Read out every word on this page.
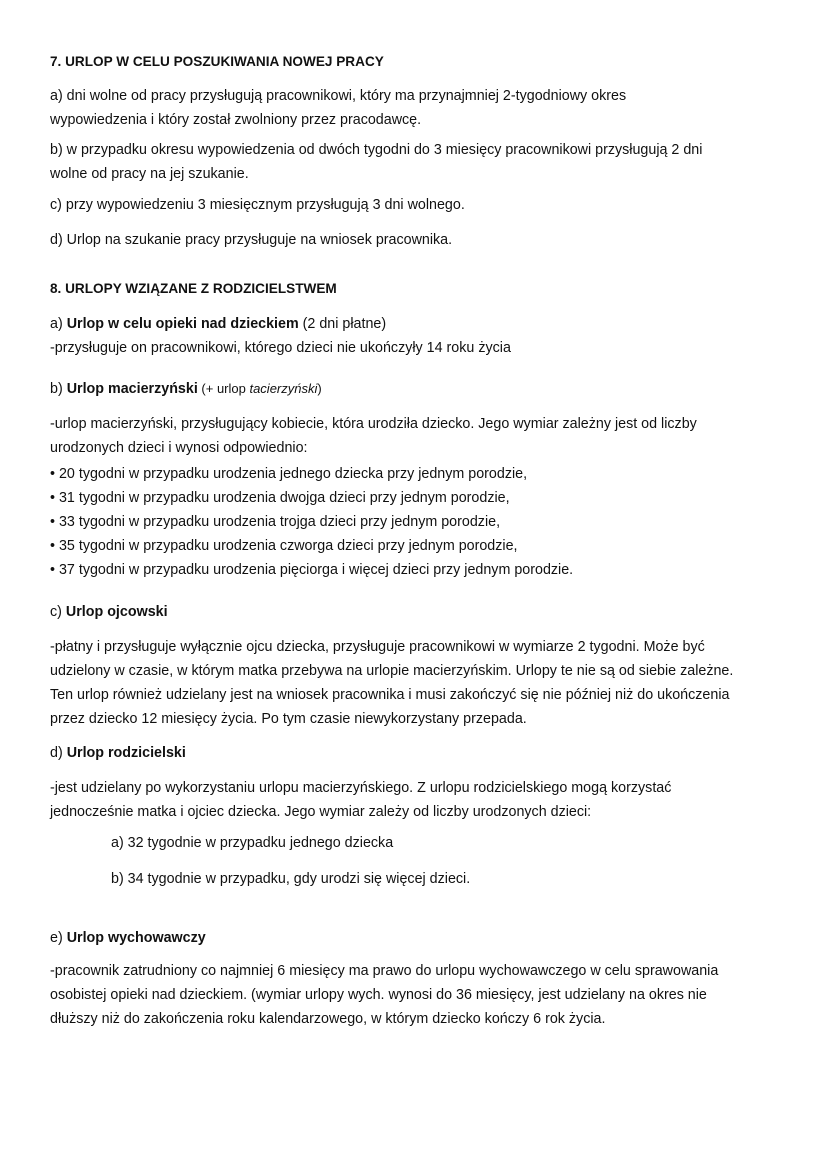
7. URLOP W CELU POSZUKIWANIA NOWEJ PRACY
a) dni wolne od pracy przysługują pracownikowi, który ma przynajmniej 2-tygodniowy okres
wypowiedzenia i który został zwolniony przez pracodawcę.
b) w przypadku okresu wypowiedzenia od dwóch tygodni do 3 miesięcy pracownikowi przysługują 2 dni
wolne od pracy na jej szukanie.
c) przy wypowiedzeniu 3 miesięcznym przysługują 3 dni wolnego.
d) Urlop na szukanie pracy przysługuje na wniosek pracownika.
8. URLOPY WZIĄZANE Z RODZICIELSTWEM
a) Urlop w celu opieki nad dzieckiem (2 dni płatne)
-przysługuje on pracownikowi, którego dzieci nie ukończyły 14 roku życia
b) Urlop macierzyński (+ urlop tacierzyński)
-urlop macierzyński, przysługujący kobiecie, która urodziła dziecko. Jego wymiar zależny jest od liczby
urodzonych dzieci i wynosi odpowiednio:
• 20 tygodni w przypadku urodzenia jednego dziecka przy jednym porodzie,
• 31 tygodni w przypadku urodzenia dwojga dzieci przy jednym porodzie,
• 33 tygodni w przypadku urodzenia trojga dzieci przy jednym porodzie,
• 35 tygodni w przypadku urodzenia czworga dzieci przy jednym porodzie,
• 37 tygodni w przypadku urodzenia pięciorga i więcej dzieci przy jednym porodzie.
c) Urlop ojcowski
-płatny i przysługuje wyłącznie ojcu dziecka, przysługuje pracownikowi w wymiarze 2 tygodni. Może być
udzielony w czasie, w którym matka przebywa na urlopie macierzyńskim. Urlopy te nie są od siebie zależne.
Ten urlop również udzielany jest na wniosek pracownika i musi zakończyć się nie później niż do ukończenia
przez dziecko 12 miesięcy życia. Po tym czasie niewykorzystany przepada.
d) Urlop rodzicielski
-jest udzielany po wykorzystaniu urlopu macierzyńskiego. Z urlopu rodzicielskiego mogą korzystać
jednocześnie matka i ojciec dziecka. Jego wymiar zależy od liczby urodzonych dzieci:
a) 32 tygodnie w przypadku jednego dziecka
b) 34 tygodnie w przypadku, gdy urodzi się więcej dzieci.
e) Urlop wychowawczy
-pracownik zatrudniony co najmniej 6 miesięcy ma prawo do urlopu wychowawczego w celu sprawowania
osobistej opieki nad dzieckiem. (wymiar urlopy wych. wynosi do 36 miesięcy, jest udzielany na okres nie
dłuższy niż do zakończenia roku kalendarzowego, w którym dziecko kończy 6 rok życia.
